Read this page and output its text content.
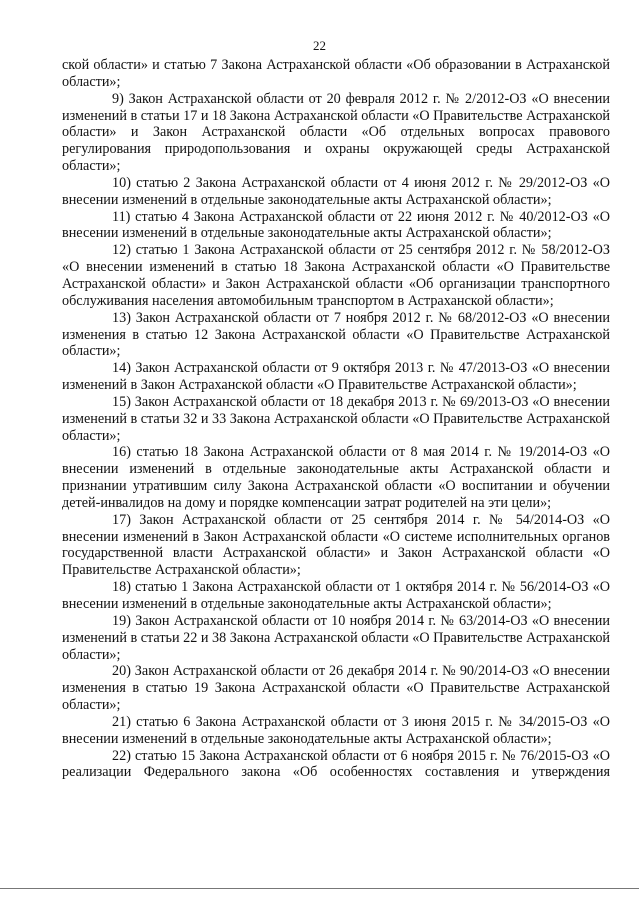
22

ской области» и статью 7 Закона Астраханской области «Об образовании в Астраханской области»;

9) Закон Астраханской области от 20 февраля 2012 г. № 2/2012-ОЗ «О внесении изменений в статьи 17 и 18 Закона Астраханской области «О Правительстве Астраханской области» и Закон Астраханской области «Об отдельных вопросах правового регулирования природопользования и охраны окружающей среды Астраханской области»;

10) статью 2 Закона Астраханской области от 4 июня 2012 г. № 29/2012-ОЗ «О внесении изменений в отдельные законодательные акты Астраханской области»;

11) статью 4 Закона Астраханской области от 22 июня 2012 г. № 40/2012-ОЗ «О внесении изменений в отдельные законодательные акты Астраханской области»;

12) статью 1 Закона Астраханской области от 25 сентября 2012 г. № 58/2012-ОЗ «О внесении изменений в статью 18 Закона Астраханской области «О Правительстве Астраханской области» и Закон Астраханской области «Об организации транспортного обслуживания населения автомобильным транспортом в Астраханской области»;

13) Закон Астраханской области от 7 ноября 2012 г. № 68/2012-ОЗ «О внесении изменения в статью 12 Закона Астраханской области «О Правительстве Астраханской области»;

14) Закон Астраханской области от 9 октября 2013 г. № 47/2013-ОЗ «О внесении изменений в Закон Астраханской области «О Правительстве Астраханской области»;

15) Закон Астраханской области от 18 декабря 2013 г. № 69/2013-ОЗ «О внесении изменений в статьи 32 и 33 Закона Астраханской области «О Правительстве Астраханской области»;

16) статью 18 Закона Астраханской области от 8 мая 2014 г. № 19/2014-ОЗ «О внесении изменений в отдельные законодательные акты Астраханской области и признании утратившим силу Закона Астраханской области «О воспитании и обучении детей-инвалидов на дому и порядке компенсации затрат родителей на эти цели»;

17) Закон Астраханской области от 25 сентября 2014 г. № 54/2014-ОЗ «О внесении изменений в Закон Астраханской области «О системе исполнительных органов государственной власти Астраханской области» и Закон Астраханской области «О Правительстве Астраханской области»;

18) статью 1 Закона Астраханской области от 1 октября 2014 г. № 56/2014-ОЗ «О внесении изменений в отдельные законодательные акты Астраханской области»;

19) Закон Астраханской области от 10 ноября 2014 г. № 63/2014-ОЗ «О внесении изменений в статьи 22 и 38 Закона Астраханской области «О Правительстве Астраханской области»;

20) Закон Астраханской области от 26 декабря 2014 г. № 90/2014-ОЗ «О внесении изменения в статью 19 Закона Астраханской области «О Правительстве Астраханской области»;

21) статью 6 Закона Астраханской области от 3 июня 2015 г. № 34/2015-ОЗ «О внесении изменений в отдельные законодательные акты Астраханской области»;

22) статью 15 Закона Астраханской области от 6 ноября 2015 г. № 76/2015-ОЗ «О реализации Федерального закона «Об особенностях составления и утверждения
